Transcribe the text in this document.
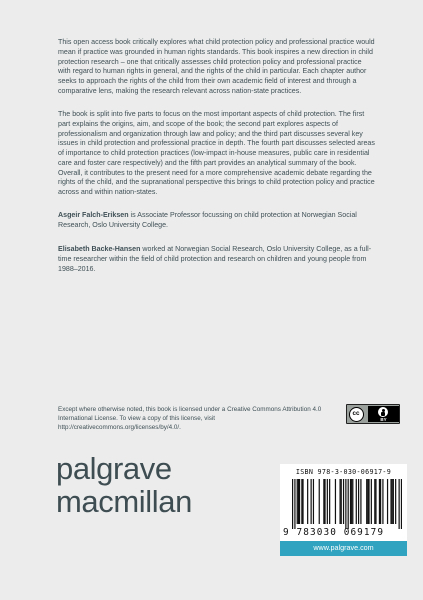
This open access book critically explores what child protection policy and professional practice would mean if practice was grounded in human rights standards. This book inspires a new direction in child protection research – one that critically assesses child protection policy and professional practice with regard to human rights in general, and the rights of the child in particular. Each chapter author seeks to approach the rights of the child from their own academic field of interest and through a comparative lens, making the research relevant across nation-state practices.

The book is split into five parts to focus on the most important aspects of child protection. The first part explains the origins, aim, and scope of the book; the second part explores aspects of professionalism and organization through law and policy; and the third part discusses several key issues in child protection and professional practice in depth. The fourth part discusses selected areas of importance to child protection practices (low-impact in-house measures, public care in residential care and foster care respectively) and the fifth part provides an analytical summary of the book. Overall, it contributes to the present need for a more comprehensive academic debate regarding the rights of the child, and the supranational perspective this brings to child protection policy and practice across and within nation-states.

Asgeir Falch-Eriksen is Associate Professor focussing on child protection at Norwegian Social Research, Oslo University College.

Elisabeth Backe-Hansen worked at Norwegian Social Research, Oslo University College, as a full-time researcher within the field of child protection and research on children and young people from 1988–2016.

Except where otherwise noted, this book is licensed under a Creative Commons Attribution 4.0 International License. To view a copy of this license, visit http://creativecommons.org/licenses/by/4.0/.

cc
BY
palgrave
macmillan
ISBN 978-3-030-06917-9
9 783030 069179
www.palgrave.com
